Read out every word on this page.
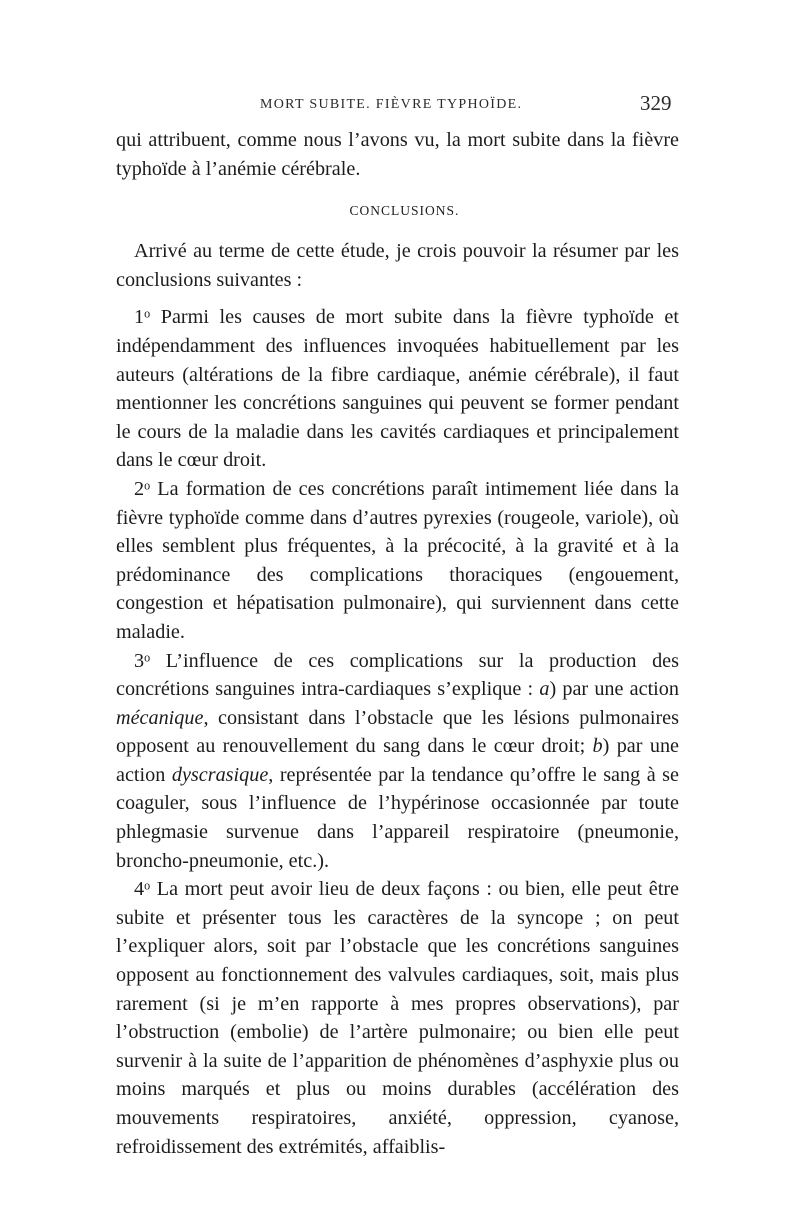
MORT SUBITE. FIÈVRE TYPHOÏDE.	329

qui attribuent, comme nous l’avons vu, la mort subite dans la fièvre typhoïde à l’anémie cérébrale.

CONCLUSIONS.

Arrivé au terme de cette étude, je crois pouvoir la résumer par les conclusions suivantes :

1$^o$ Parmi les causes de mort subite dans la fièvre typhoïde et indépendamment des influences invoquées habituellement par les auteurs (altérations de la fibre cardiaque, anémie cérébrale), il faut mentionner les concrétions sanguines qui peuvent se former pendant le cours de la maladie dans les cavités cardiaques et principalement dans le cœur droit.

2$^o$ La formation de ces concrétions paraît intimement liée dans la fièvre typhoïde comme dans d’autres pyrexies (rougeole, variole), où elles semblent plus fréquentes, à la précocité, à la gravité et à la prédominance des complications thoraciques (engouement, congestion et hépatisation pulmonaire), qui surviennent dans cette maladie.

3$^o$ L’influence de ces complications sur la production des concrétions sanguines intra-cardiaques s’explique : a) par une action mécanique, consistant dans l’obstacle que les lésions pulmonaires opposent au renouvellement du sang dans le cœur droit; b) par une action dyscrasique, représentée par la tendance qu’offre le sang à se coaguler, sous l’influence de l’hypérinose occasionnée par toute phlegmasie survenue dans l’appareil respiratoire (pneumonie, broncho-pneumonie, etc.).

4$^o$ La mort peut avoir lieu de deux façons : ou bien, elle peut être subite et présenter tous les caractères de la syncope ; on peut l’expliquer alors, soit par l’obstacle que les concrétions sanguines opposent au fonctionnement des valvules cardiaques, soit, mais plus rarement (si je m’en rapporte à mes propres observations), par l’obstruction (embolie) de l’artère pulmonaire; ou bien elle peut survenir à la suite de l’apparition de phénomènes d’asphyxie plus ou moins marqués et plus ou moins durables (accélération des mouvements respiratoires, anxiété, oppression, cyanose, refroidissement des extrémités, affaiblis-
